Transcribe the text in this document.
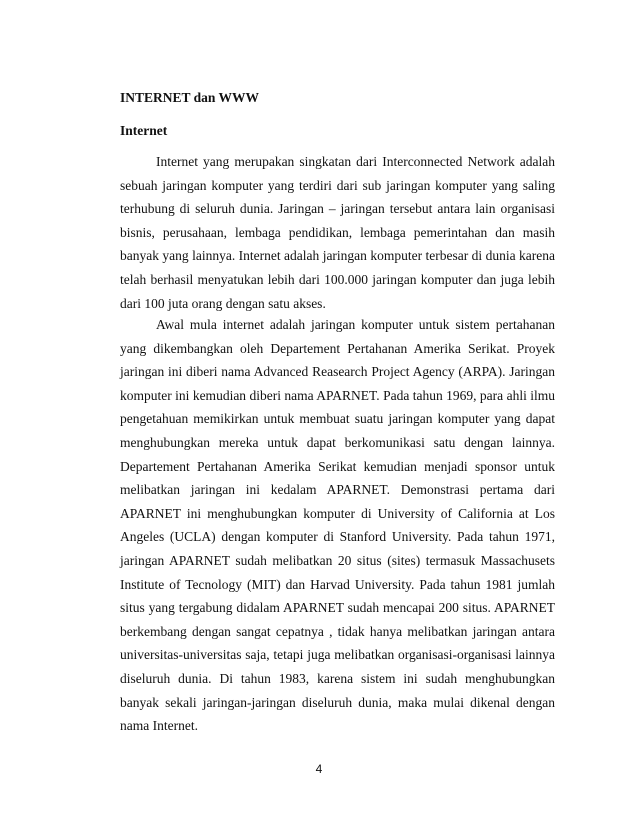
INTERNET dan WWW
Internet

Internet yang merupakan singkatan dari Interconnected Network adalah sebuah jaringan komputer yang terdiri dari sub jaringan komputer yang saling terhubung di seluruh dunia. Jaringan – jaringan tersebut antara lain organisasi bisnis, perusahaan, lembaga pendidikan, lembaga pemerintahan dan masih banyak yang lainnya. Internet adalah jaringan komputer terbesar di dunia karena telah berhasil menyatukan lebih dari 100.000 jaringan komputer dan juga lebih dari 100 juta orang dengan satu akses.

Awal mula internet adalah jaringan komputer untuk sistem pertahanan yang dikembangkan oleh Departement Pertahanan Amerika Serikat. Proyek jaringan ini diberi nama Advanced Reasearch Project Agency (ARPA). Jaringan komputer ini kemudian diberi nama APARNET. Pada tahun 1969, para ahli ilmu pengetahuan memikirkan untuk membuat suatu jaringan komputer yang dapat menghubungkan mereka untuk dapat berkomunikasi satu dengan lainnya. Departement Pertahanan Amerika Serikat kemudian menjadi sponsor untuk melibatkan jaringan ini kedalam APARNET. Demonstrasi pertama dari APARNET ini menghubungkan komputer di University of California at Los Angeles (UCLA) dengan komputer di Stanford University. Pada tahun 1971, jaringan APARNET sudah melibatkan 20 situs (sites) termasuk Massachusets Institute of Tecnology (MIT) dan Harvad University. Pada tahun 1981 jumlah situs yang tergabung didalam APARNET sudah mencapai 200 situs. APARNET berkembang dengan sangat cepatnya , tidak hanya melibatkan jaringan antara universitas-universitas saja, tetapi juga melibatkan organisasi-organisasi lainnya diseluruh dunia. Di tahun 1983, karena sistem ini sudah menghubungkan banyak sekali jaringan-jaringan diseluruh dunia, maka mulai dikenal dengan nama Internet.

4
